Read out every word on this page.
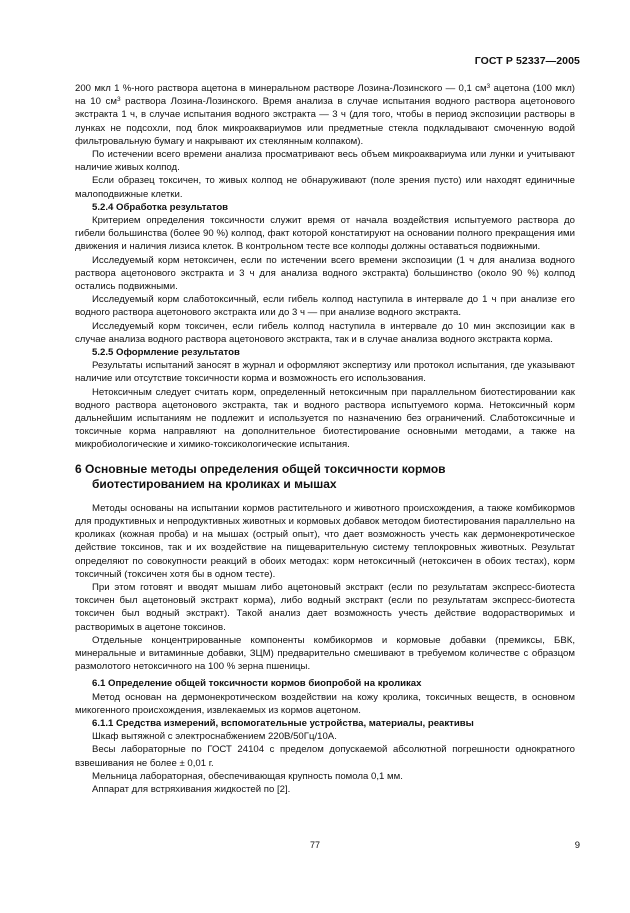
ГОСТ Р 52337—2005

200 мкл 1 %-ного раствора ацетона в минеральном растворе Лозина-Лозинского — 0,1 $см^3$ ацетона (100 мкл) на 10 $см^3$ раствора Лозина-Лозинского. Время анализа в случае испытания водного раствора ацетонового экстракта 1 ч, в случае испытания водного экстракта — 3 ч (для того, чтобы в период экспозиции растворы в лунках не подсохли, под блок микроаквариумов или предметные стекла подкладывают смоченную водой фильтровальную бумагу и накрывают их стеклянным колпаком).

По истечении всего времени анализа просматривают весь объем микроаквариума или лунки и учитывают наличие живых колпод.

Если образец токсичен, то живых колпод не обнаруживают (поле зрения пусто) или находят единичные малоподвижные клетки.

5.2.4 Обработка результатов

Критерием определения токсичности служит время от начала воздействия испытуемого раствора до гибели большинства (более 90 %) колпод, факт которой констатируют на основании полного прекращения ими движения и наличия лизиса клеток. В контрольном тесте все колподы должны оставаться подвижными.

Исследуемый корм нетоксичен, если по истечении всего времени экспозиции (1 ч для анализа водного раствора ацетонового экстракта и 3 ч для анализа водного экстракта) большинство (около 90 %) колпод остались подвижными.

Исследуемый корм слаботоксичный, если гибель колпод наступила в интервале до 1 ч при анализе его водного раствора ацетонового экстракта или до 3 ч — при анализе водного экстракта.

Исследуемый корм токсичен, если гибель колпод наступила в интервале до 10 мин экспозиции как в случае анализа водного раствора ацетонового экстракта, так и в случае анализа водного экстракта корма.

5.2.5 Оформление результатов

Результаты испытаний заносят в журнал и оформляют экспертизу или протокол испытания, где указывают наличие или отсутствие токсичности корма и возможность его использования.

Нетоксичным следует считать корм, определенный нетоксичным при параллельном биотестировании как водного раствора ацетонового экстракта, так и водного раствора испытуемого корма. Нетоксичный корм дальнейшим испытаниям не подлежит и используется по назначению без ограничений. Слаботоксичные и токсичные корма направляют на дополнительное биотестирование основными методами, а также на микробиологические и химико-токсикологические испытания.

6 Основные методы определения общей токсичности кормов
биотестированием на кроликах и мышах

Методы основаны на испытании кормов растительного и животного происхождения, а также комбикормов для продуктивных и непродуктивных животных и кормовых добавок методом биотестирования параллельно на кроликах (кожная проба) и на мышах (острый опыт), что дает возможность учесть как дермонекротическое действие токсинов, так и их воздействие на пищеварительную систему теплокровных животных. Результат определяют по совокупности реакций в обоих методах: корм нетоксичный (нетоксичен в обоих тестах), корм токсичный (токсичен хотя бы в одном тесте).

При этом готовят и вводят мышам либо ацетоновый экстракт (если по результатам экспресс-биотеста токсичен был ацетоновый экстракт корма), либо водный экстракт (если по результатам экспресс-биотеста токсичен был водный экстракт). Такой анализ дает возможность учесть действие водорастворимых и растворимых в ацетоне токсинов.

Отдельные концентрированные компоненты комбикормов и кормовые добавки (премиксы, БВК, минеральные и витаминные добавки, ЗЦМ) предварительно смешивают в требуемом количестве с образцом размолотого нетоксичного на 100 % зерна пшеницы.

6.1 Определение общей токсичности кормов биопробой на кроликах

Метод основан на дермонекротическом воздействии на кожу кролика, токсичных веществ, в основном микогенного происхождения, извлекаемых из кормов ацетоном.

6.1.1 Средства измерений, вспомогательные устройства, материалы, реактивы

Шкаф вытяжной с электроснабжением 220В/50Гц/10А.

Весы лабораторные по ГОСТ 24104 с пределом допускаемой абсолютной погрешности однократного взвешивания не более ± 0,01 г.

Мельница лабораторная, обеспечивающая крупность помола 0,1 мм.

Аппарат для встряхивания жидкостей по [2].

77	9
